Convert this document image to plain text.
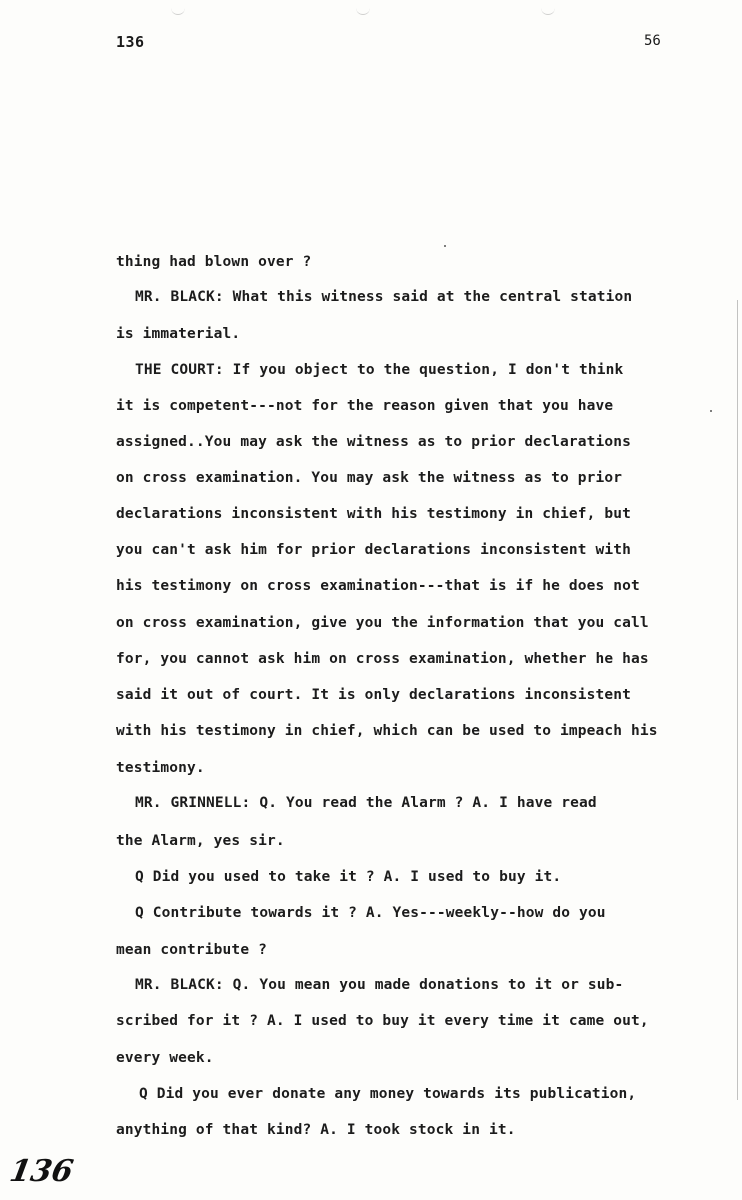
136	56
thing had blown over ?
MR. BLACK: What this witness said at the central station
is immaterial.
THE COURT: If you object to the question, I don't think
it is competent---not for the reason given that you have
assigned..You may ask the witness as to prior declarations
on cross examination. You may ask the witness as to prior
declarations inconsistent with his testimony in chief, but
you can't ask him for prior declarations inconsistent with
his testimony on cross examination---that is if he does not
on cross examination, give you the information that you call
for, you cannot ask him on cross examination, whether he has
said it out of court. It is only declarations inconsistent
with his testimony in chief, which can be used to impeach his
testimony.
MR. GRINNELL: Q. You read the Alarm ? A. I have read
the Alarm, yes sir.
Q Did you used to take it ? A. I used to buy it.
Q Contribute towards it ? A. Yes---weekly--how do you
mean contribute ?
MR. BLACK: Q. You mean you made donations to it or sub-
scribed for it ? A. I used to buy it every time it came out,
every week.
Q Did you ever donate any money towards its publication,
anything of that kind? A. I took stock in it.
136
